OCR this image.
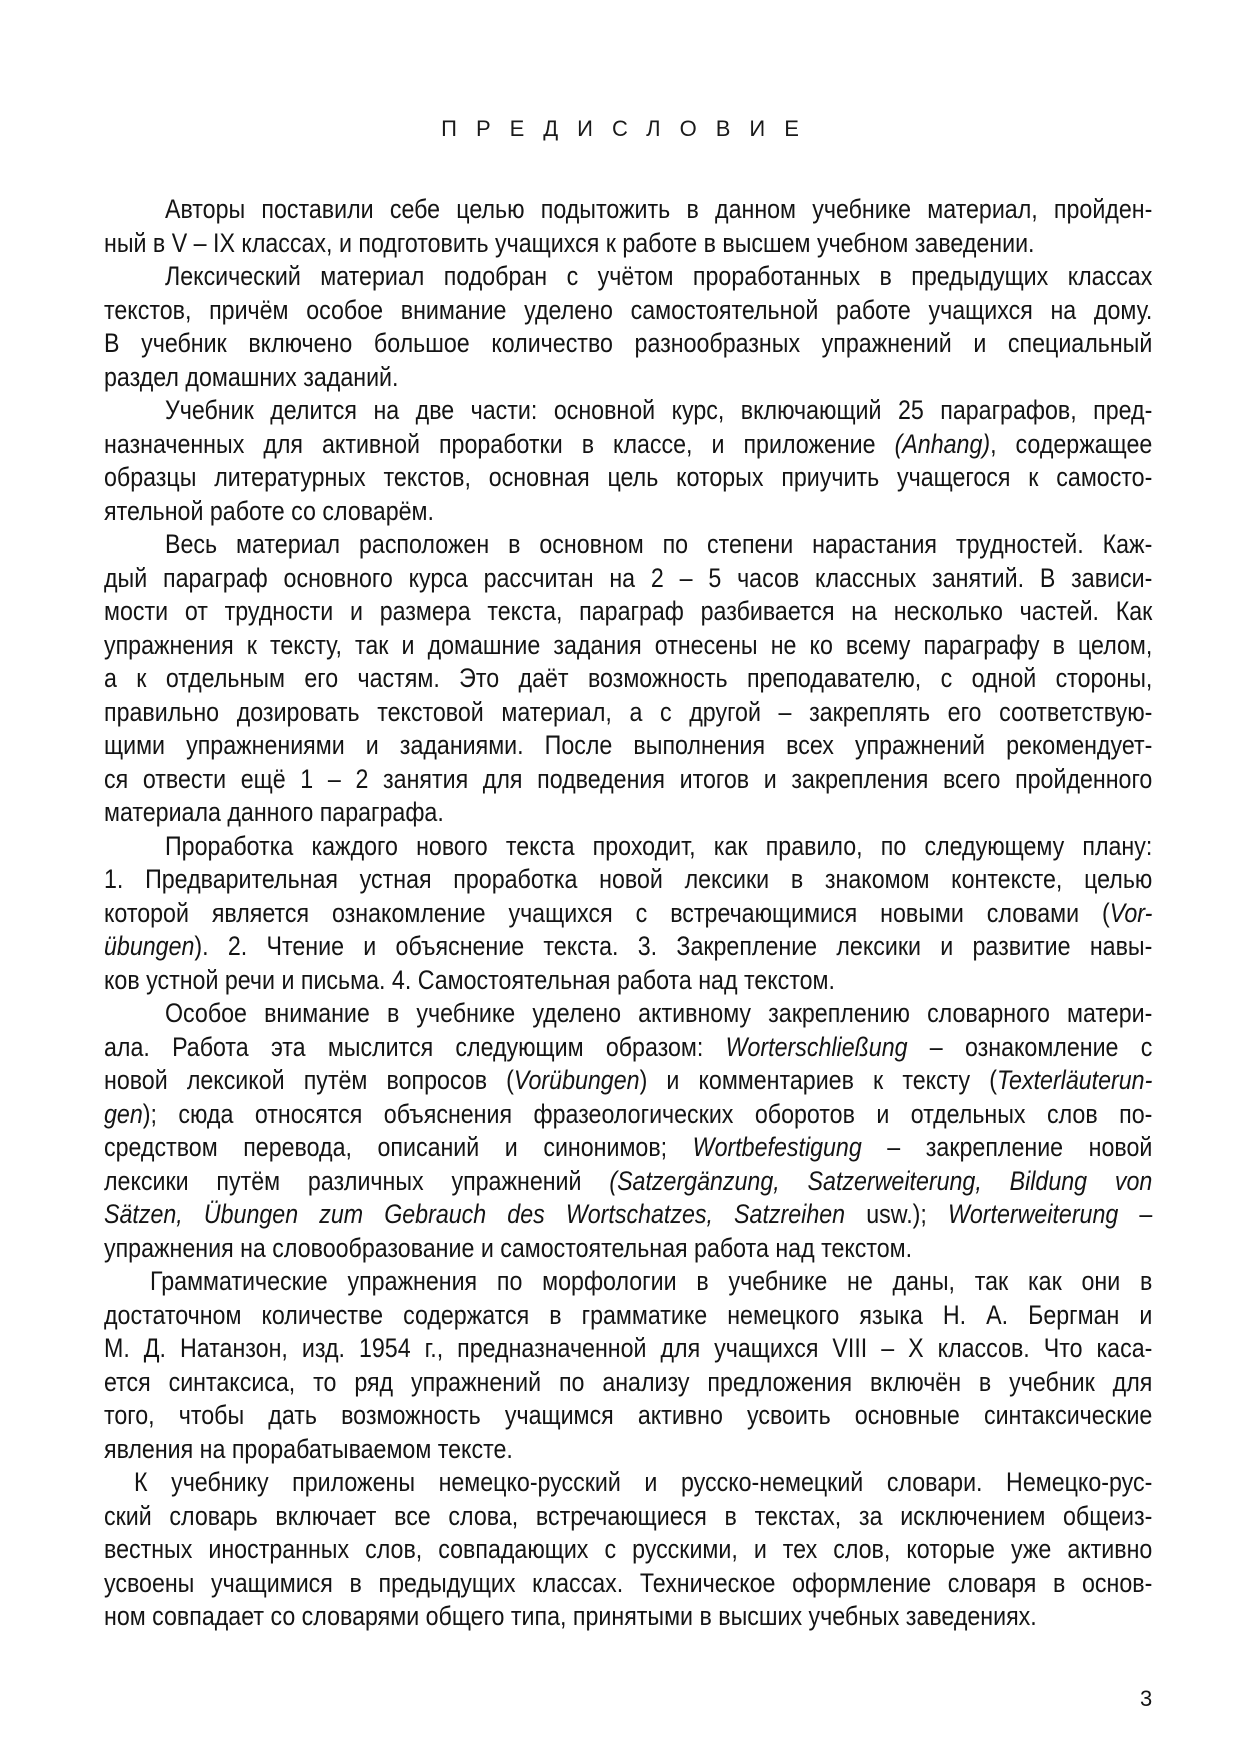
ПРЕДИСЛОВИЕ
Авторы поставили себе целью подытожить в данном учебнике материал, пройден-
ный в V – IX классах, и подготовить учащихся к работе в высшем учебном заведении.
Лексический материал подобран с учётом проработанных в предыдущих классах
текстов, причём особое внимание уделено самостоятельной работе учащихся на дому.
В учебник включено большое количество разнообразных упражнений и специальный
раздел домашних заданий.
Учебник делится на две части: основной курс, включающий 25 параграфов, пред-
назначенных для активной проработки в классе, и приложение (Anhang), содержащее
образцы литературных текстов, основная цель которых приучить учащегося к самосто-
ятельной работе со словарём.
Весь материал расположен в основном по степени нарастания трудностей. Каж-
дый параграф основного курса рассчитан на 2 – 5 часов классных занятий. В зависи-
мости от трудности и размера текста, параграф разбивается на несколько частей. Как
упражнения к тексту, так и домашние задания отнесены не ко всему параграфу в целом,
а к отдельным его частям. Это даёт возможность преподавателю, с одной стороны,
правильно дозировать текстовой материал, а с другой – закреплять его соответствую-
щими упражнениями и заданиями. После выполнения всех упражнений рекомендует-
ся отвести ещё 1 – 2 занятия для подведения итогов и закрепления всего пройденного
материала данного параграфа.
Проработка каждого нового текста проходит, как правило, по следующему плану:
1. Предварительная устная проработка новой лексики в знакомом контексте, целью
которой является ознакомление учащихся с встречающимися новыми словами (Vor-
übungen). 2. Чтение и объяснение текста. 3. Закрепление лексики и развитие навы-
ков устной речи и письма. 4. Самостоятельная работа над текстом.
Особое внимание в учебнике уделено активному закреплению словарного матери-
ала. Работа эта мыслится следующим образом: Worterschließung – ознакомление с
новой лексикой путём вопросов (Vorübungen) и комментариев к тексту (Texterläuterun-
gen); сюда относятся объяснения фразеологических оборотов и отдельных слов по-
средством перевода, описаний и синонимов; Wortbefestigung – закрепление новой
лексики путём различных упражнений (Satzergänzung, Satzerweiterung, Bildung von
Sätzen, Übungen zum Gebrauch des Wortschatzes, Satzreihen usw.); Worterweiterung –
упражнения на словообразование и самостоятельная работа над текстом.
Грамматические упражнения по морфологии в учебнике не даны, так как они в
достаточном количестве содержатся в грамматике немецкого языка Н. А. Бергман и
М. Д. Натанзон, изд. 1954 г., предназначенной для учащихся VIII – X классов. Что каса-
ется синтаксиса, то ряд упражнений по анализу предложения включён в учебник для
того, чтобы дать возможность учащимся активно усвоить основные синтаксические
явления на прорабатываемом тексте.
К учебнику приложены немецко-русский и русско-немецкий словари. Немецко-рус-
ский словарь включает все слова, встречающиеся в текстах, за исключением общеиз-
вестных иностранных слов, совпадающих с русскими, и тех слов, которые уже активно
усвоены учащимися в предыдущих классах. Техническое оформление словаря в основ-
ном совпадает со словарями общего типа, принятыми в высших учебных заведениях.
3
